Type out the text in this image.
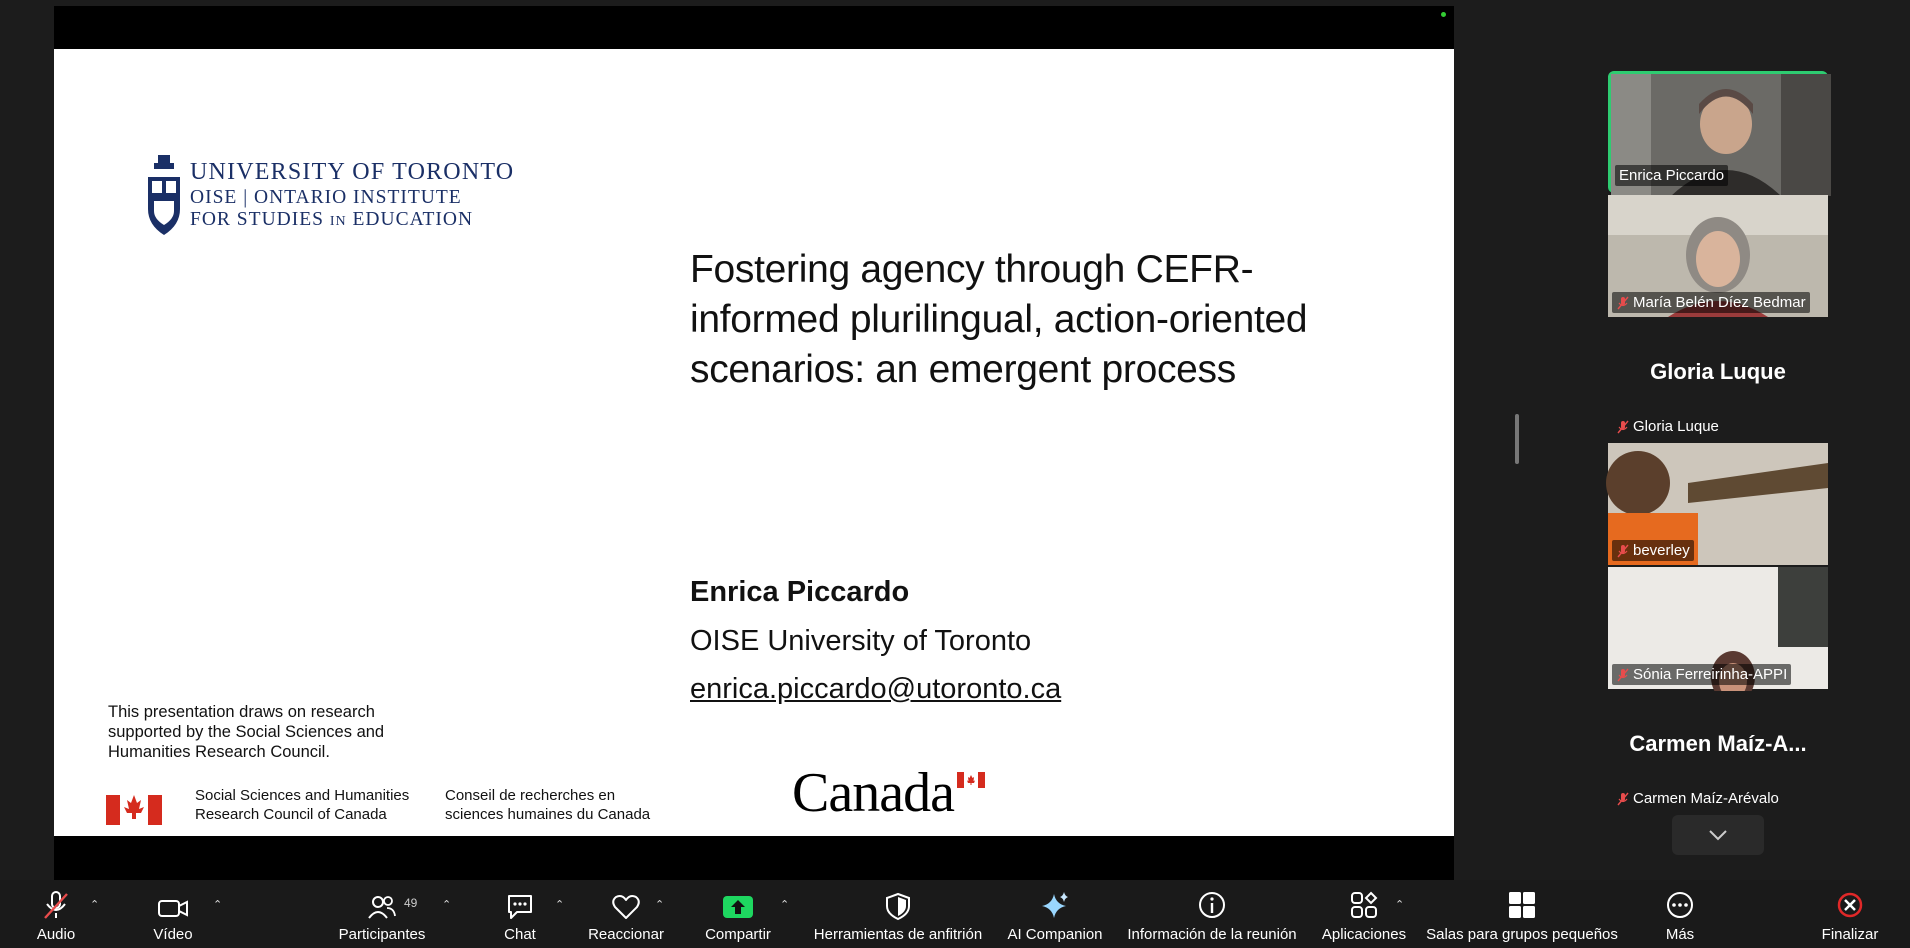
UNIVERSITY OF TORONTO
OISE | ONTARIO INSTITUTE
FOR STUDIES IN EDUCATION
Fostering agency through CEFR-informed plurilingual, action-oriented scenarios: an emergent process
Enrica Piccardo
OISE University of Toronto
enrica.piccardo@utoronto.ca
This presentation draws on research supported by the Social Sciences and Humanities Research Council.
Social Sciences and Humanities Research Council of Canada
Conseil de recherches en sciences humaines du Canada	Canada
Enrica Piccardo
María Belén Díez Bedmar
Gloria Luque
Gloria Luque
beverley
Sónia Ferreirinha-APPI
Carmen Maíz-A...
Carmen Maíz-Arévalo
Audio
⌃
Vídeo
⌃
Participantes
49 ⌃
Chat
⌃
Reaccionar
⌃
Compartir
⌃
Herramientas de anfitrión AI Companion Información de la reunión Aplicaciones
⌃
Salas para grupos pequeños	Más	Finalizar
